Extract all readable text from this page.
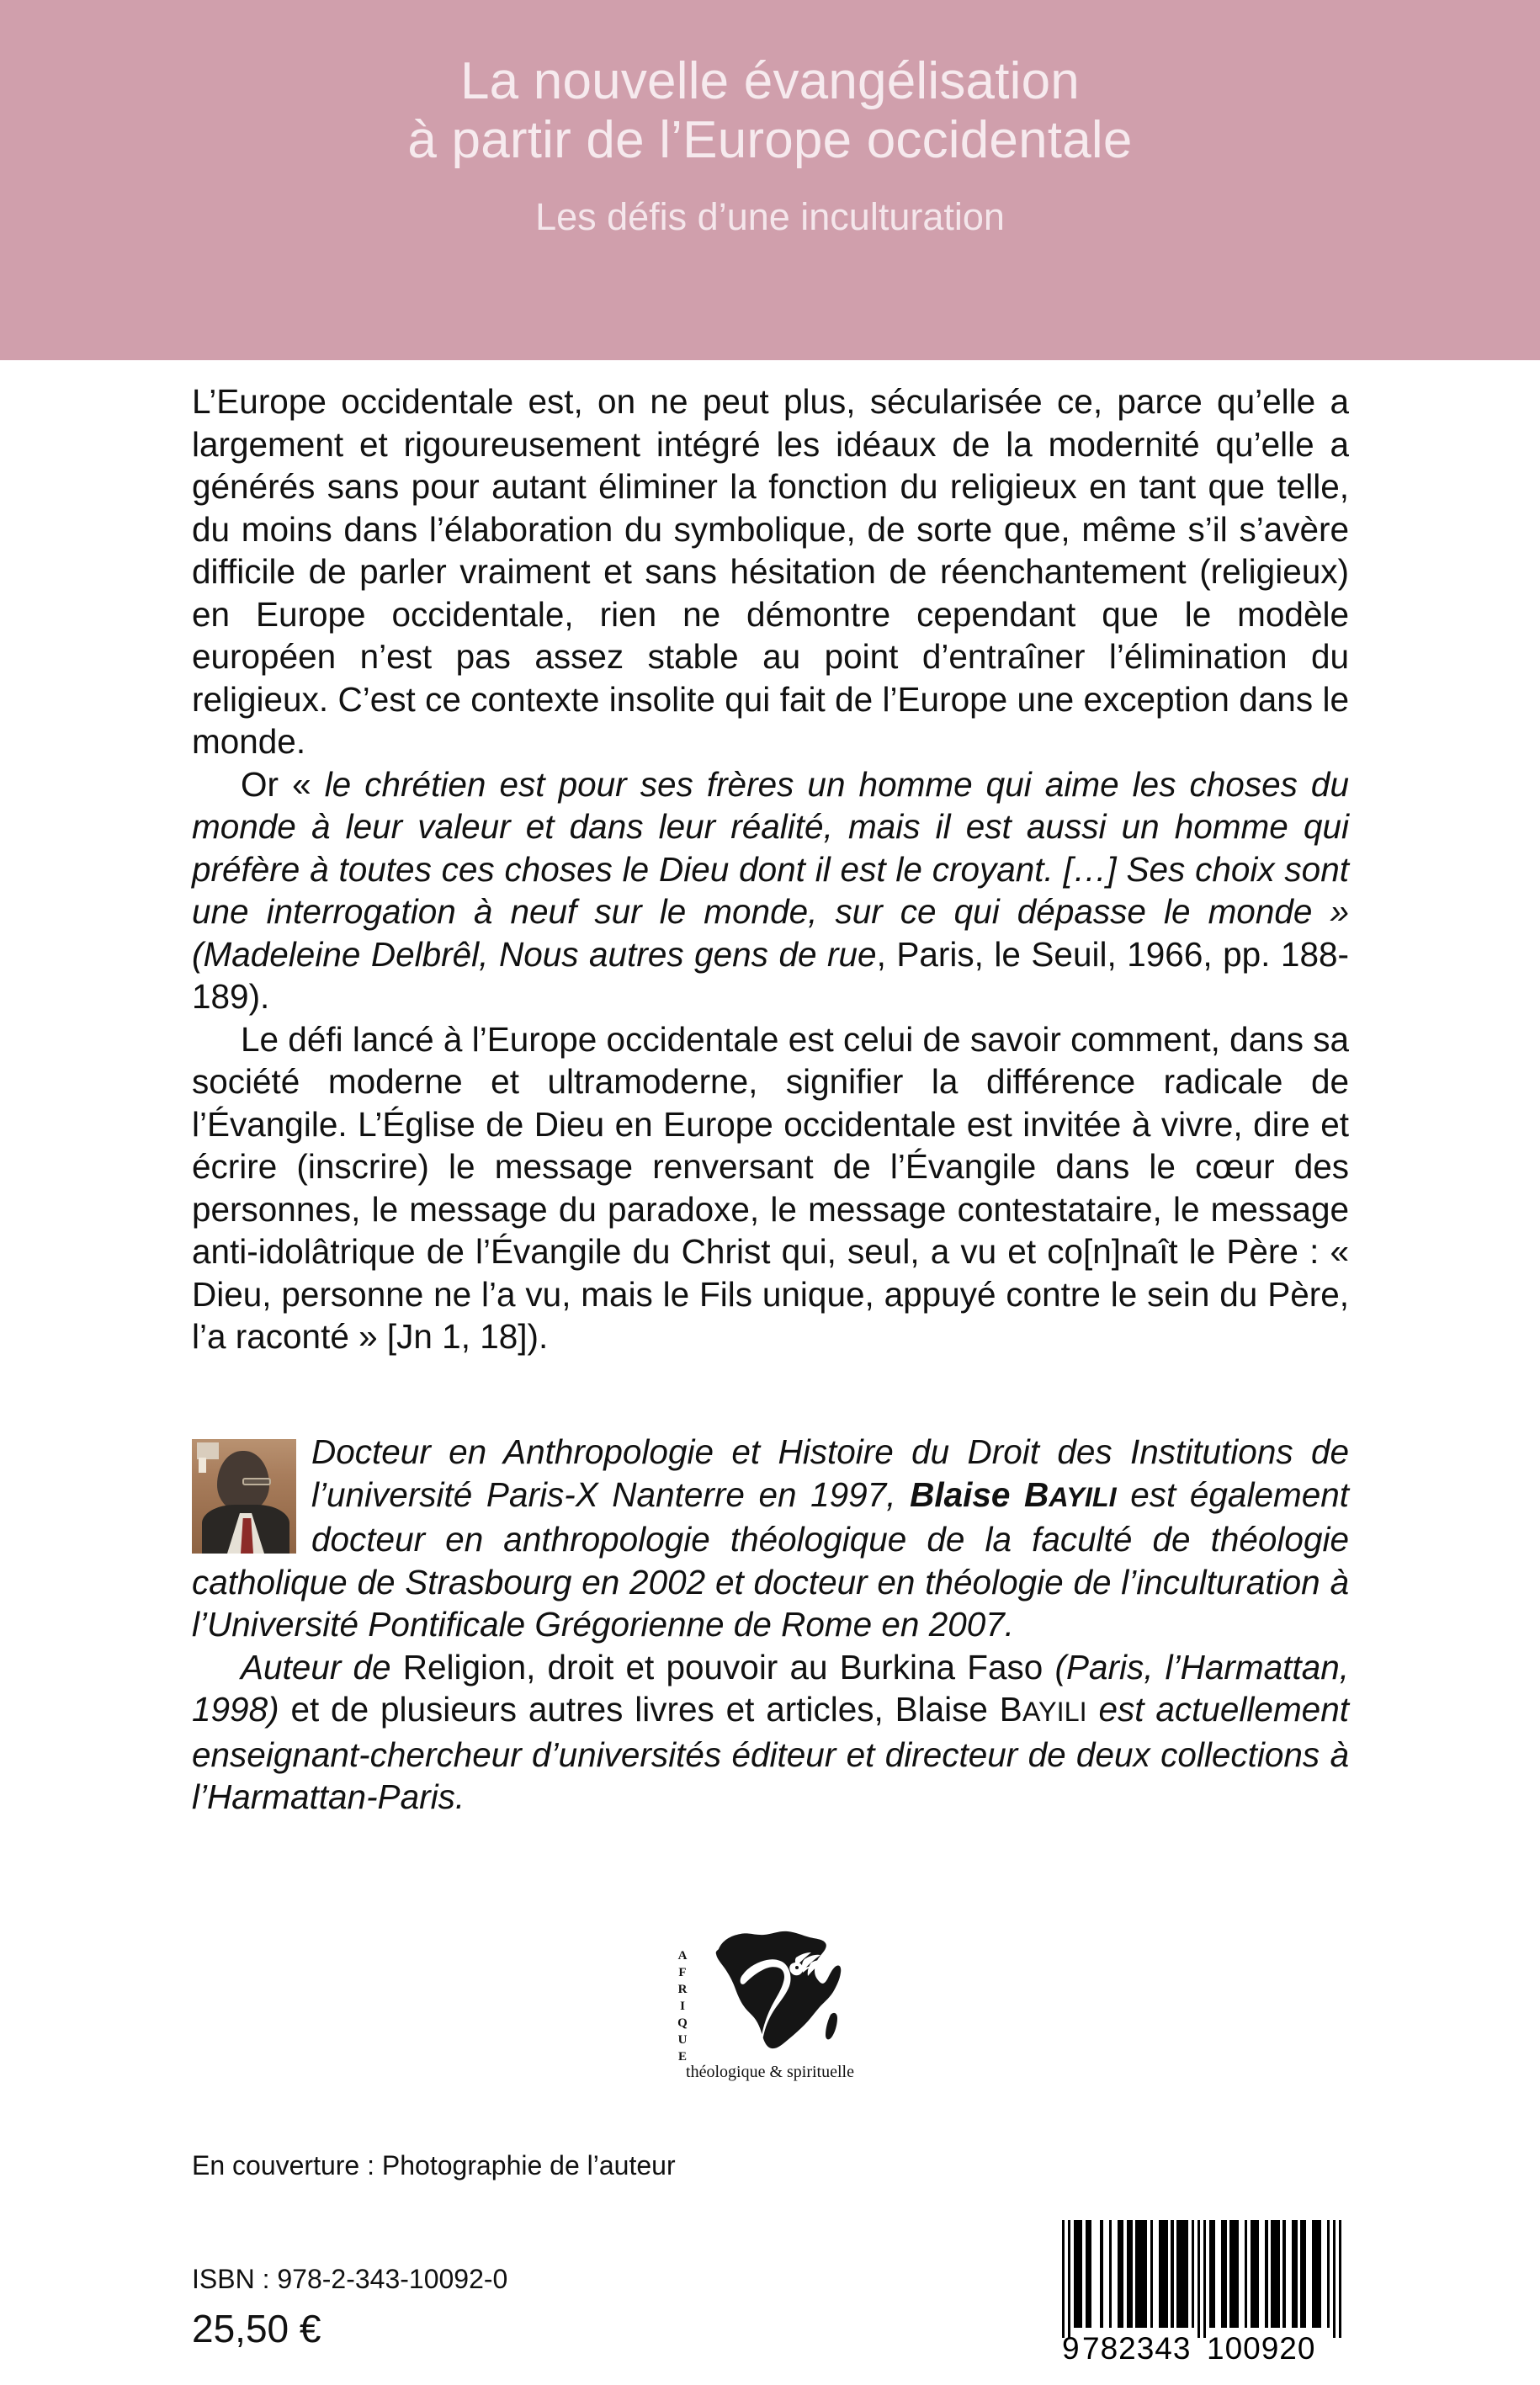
La nouvelle évangélisation
à partir de l’Europe occidentale
Les défis d’une inculturation

L’Europe occidentale est, on ne peut plus, sécularisée ce, parce qu’elle a largement et rigoureusement intégré les idéaux de la modernité qu’elle a générés sans pour autant éliminer la fonction du religieux en tant que telle, du moins dans l’élaboration du symbolique, de sorte que, même s’il s’avère difficile de parler vraiment et sans hésitation de réenchantement (religieux) en Europe occidentale, rien ne démontre cependant que le modèle européen n’est pas assez stable au point d’entraîner l’élimination du religieux. C’est ce contexte insolite qui fait de l’Europe une exception dans le monde.

Or « le chrétien est pour ses frères un homme qui aime les choses du monde à leur valeur et dans leur réalité, mais il est aussi un homme qui préfère à toutes ces choses le Dieu dont il est le croyant. […] Ses choix sont une interrogation à neuf sur le monde, sur ce qui dépasse le monde » (Madeleine Delbrêl, Nous autres gens de rue, Paris, le Seuil, 1966, pp. 188-189).

Le défi lancé à l’Europe occidentale est celui de savoir comment, dans sa société moderne et ultramoderne, signifier la différence radicale de l’Évangile. L’Église de Dieu en Europe occidentale est invitée à vivre, dire et écrire (inscrire) le message renversant de l’Évangile dans le cœur des personnes, le message du paradoxe, le message contestataire, le message anti-idolâtrique de l’Évangile du Christ qui, seul, a vu et co[n]naît le Père : « Dieu, personne ne l’a vu, mais le Fils unique, appuyé contre le sein du Père, l’a raconté » [Jn 1, 18]).

Docteur en Anthropologie et Histoire du Droit des Institutions de l’université Paris-X Nanterre en 1997, Blaise BAYILI est également docteur en anthropologie théologique de la faculté de théologie catholique de Strasbourg en 2002 et docteur en théologie de l’inculturation à l’Université Pontificale Grégorienne de Rome en 2007.

Auteur de Religion, droit et pouvoir au Burkina Faso (Paris, l’Harmattan, 1998) et de plusieurs autres livres et articles, Blaise BAYILI est actuellement enseignant-chercheur d’universités éditeur et directeur de deux collections à l’Harmattan-Paris.

A
F
R
I
Q
U
E
théologique & spirituelle
En couverture : Photographie de l’auteur
ISBN : 978-2-343-10092-0
25,50 €	9 782343 100920
